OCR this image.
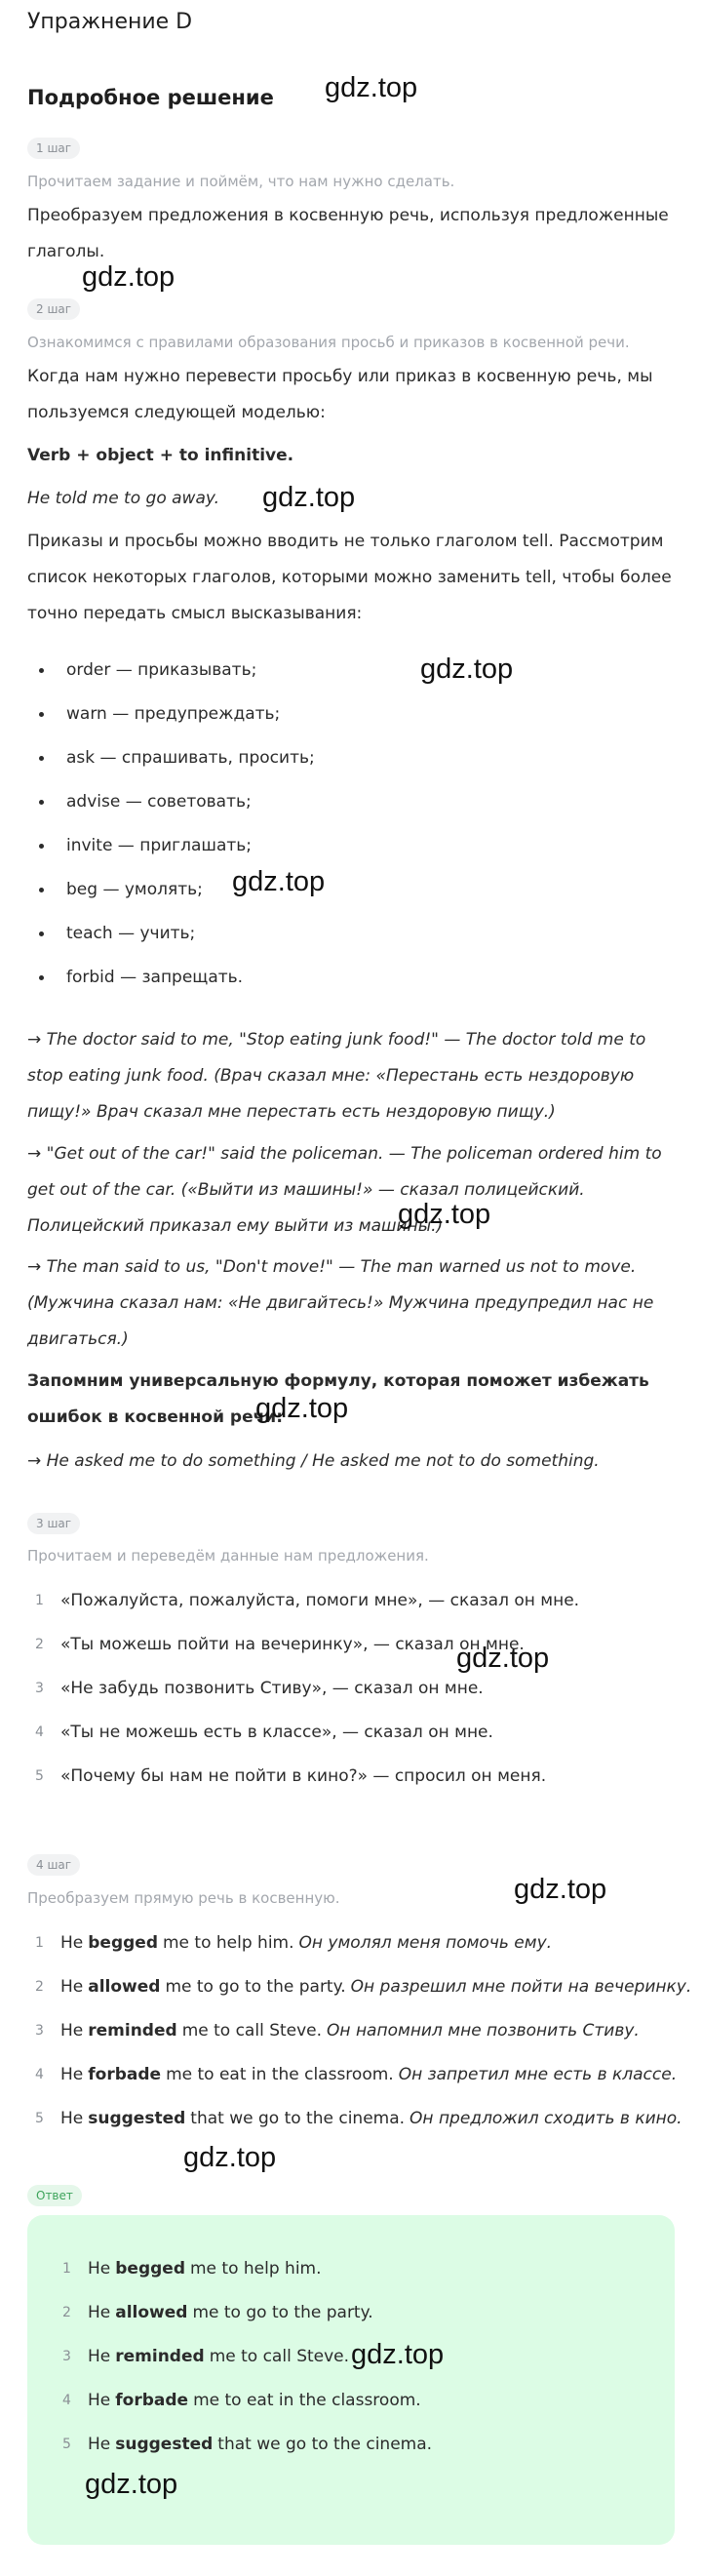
Упражнение D
Подробное решение
1 шаг
Прочитаем задание и поймём, что нам нужно сделать.
Преобразуем предложения в косвенную речь, используя предложенные глаголы.
2 шаг
Ознакомимся с правилами образования просьб и приказов в косвенной речи.
Когда нам нужно перевести просьбу или приказ в косвенную речь, мы пользуемся следующей моделью:
Verb + object + to infinitive.
He told me to go away.
Приказы и просьбы можно вводить не только глаголом tell. Рассмотрим список некоторых глаголов, которыми можно заменить tell, чтобы более точно передать смысл высказывания:
order — приказывать;
warn — предупреждать;
ask — спрашивать, просить;
advise — советовать;
invite — приглашать;
beg — умолять;
teach — учить;
forbid — запрещать.
→ The doctor said to me, "Stop eating junk food!" — The doctor told me to stop eating junk food. (Врач сказал мне: «Перестань есть нездоровую пищу!» Врач сказал мне перестать есть нездоровую пищу.)
→ "Get out of the car!" said the policeman. — The policeman ordered him to get out of the car. («Выйти из машины!» — сказал полицейский. Полицейский приказал ему выйти из машины.)
→ The man said to us, "Don't move!" — The man warned us not to move. (Мужчина сказал нам: «Не двигайтесь!» Мужчина предупредил нас не двигаться.)
Запомним универсальную формулу, которая поможет избежать ошибок в косвенной речи:
→ He asked me to do something / He asked me not to do something.
3 шаг
Прочитаем и переведём данные нам предложения.
1	«Пожалуйста, пожалуйста, помоги мне», — сказал он мне.
2	«Ты можешь пойти на вечеринку», — сказал он мне.
3	«Не забудь позвонить Стиву», — сказал он мне.
4	«Ты не можешь есть в классе», — сказал он мне.
5	«Почему бы нам не пойти в кино?» — спросил он меня.
4 шаг
Преобразуем прямую речь в косвенную.
1	He begged me to help him. Он умолял меня помочь ему.
2	He allowed me to go to the party. Он разрешил мне пойти на вечеринку.
3	He reminded me to call Steve. Он напомнил мне позвонить Стиву.
4	He forbade me to eat in the classroom. Он запретил мне есть в классе.
5	He suggested that we go to the cinema. Он предложил сходить в кино.
Ответ
1	He begged me to help him.
2	He allowed me to go to the party.
3	He reminded me to call Steve.
4	He forbade me to eat in the classroom.
5	He suggested that we go to the cinema.
gdz.top
gdz.top
gdz.top
gdz.top
gdz.top
gdz.top
gdz.top
gdz.top
gdz.top
gdz.top
gdz.top
gdz.top
